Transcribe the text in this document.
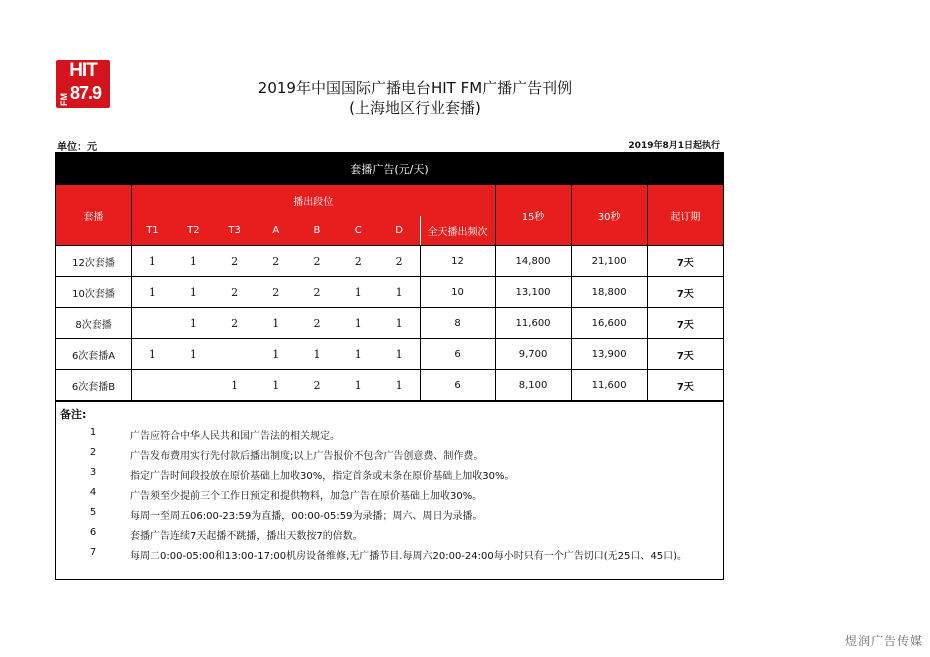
HIT
FM 87.9	2019年中国国际广播电台HIT FM广播广告刊例
(上海地区行业套播)
单位：元	2019年8月1日起执行
套播广告(元/天)											
套播	播出段位								15秒	30秒	起订期
	T1	T2	T3	A	B	C	D	全天播出频次			
12次套播	1	1	2	2	2	2	2	12	14,800	21,100	7天
10次套播	1	1	2	2	2	1	1	10	13,100	18,800	7天
8次套播		1	2	1	2	1	1	8	11,600	16,600	7天
6次套播A	1	1		1	1	1	1	6	9,700	13,900	7天
6次套播B			1	1	2	1	1	6	8,100	11,600	7天
备注:
1	广告应符合中华人民共和国广告法的相关规定。
2	广告发布费用实行先付款后播出制度;以上广告报价不包含广告创意费、制作费。
3	指定广告时间段投放在原价基础上加收30%，指定首条或末条在原价基础上加收30%。
4	广告须至少提前三个工作日预定和提供物料，加急广告在原价基础上加收30%。
5	每周一至周五06:00-23:59为直播，00:00-05:59为录播；周六、周日为录播。
6	套播广告连续7天起播不跳播，播出天数按7的倍数。
7	每周二0:00-05:00和13:00-17:00机房设备维修,无广播节目.每周六20:00-24:00每小时只有一个广告切口(无25口、45口)。
煜润广告传媒
